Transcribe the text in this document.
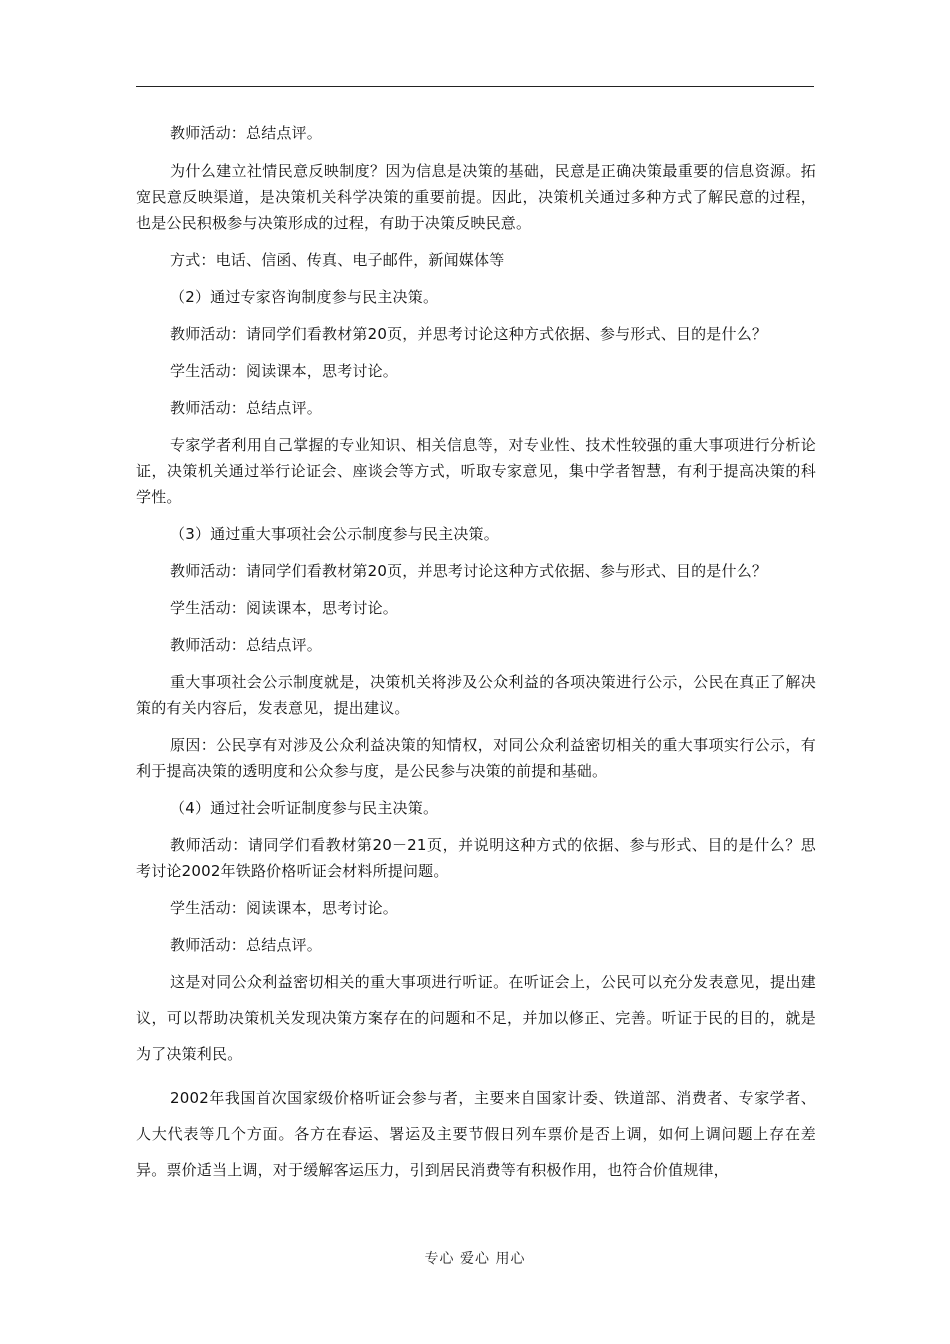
教师活动：总结点评。

为什么建立社情民意反映制度？因为信息是决策的基础，民意是正确决策最重要的信息资源。拓宽民意反映渠道，是决策机关科学决策的重要前提。因此，决策机关通过多种方式了解民意的过程，也是公民积极参与决策形成的过程，有助于决策反映民意。

方式：电话、信函、传真、电子邮件，新闻媒体等

（2）通过专家咨询制度参与民主决策。

教师活动：请同学们看教材第20页，并思考讨论这种方式依据、参与形式、目的是什么？

学生活动：阅读课本，思考讨论。

教师活动：总结点评。

专家学者利用自己掌握的专业知识、相关信息等，对专业性、技术性较强的重大事项进行分析论证，决策机关通过举行论证会、座谈会等方式，听取专家意见，集中学者智慧，有利于提高决策的科学性。

（3）通过重大事项社会公示制度参与民主决策。

教师活动：请同学们看教材第20页，并思考讨论这种方式依据、参与形式、目的是什么？

学生活动：阅读课本，思考讨论。

教师活动：总结点评。

重大事项社会公示制度就是，决策机关将涉及公众利益的各项决策进行公示，公民在真正了解决策的有关内容后，发表意见，提出建议。

原因：公民享有对涉及公众利益决策的知情权，对同公众利益密切相关的重大事项实行公示，有利于提高决策的透明度和公众参与度，是公民参与决策的前提和基础。

（4）通过社会听证制度参与民主决策。

教师活动：请同学们看教材第20－21页，并说明这种方式的依据、参与形式、目的是什么？思考讨论2002年铁路价格听证会材料所提问题。

学生活动：阅读课本，思考讨论。

教师活动：总结点评。

这是对同公众利益密切相关的重大事项进行听证。在听证会上，公民可以充分发表意见，提出建议，可以帮助决策机关发现决策方案存在的问题和不足，并加以修正、完善。听证于民的目的，就是为了决策利民。

2002年我国首次国家级价格听证会参与者，主要来自国家计委、铁道部、消费者、专家学者、人大代表等几个方面。各方在春运、署运及主要节假日列车票价是否上调，如何上调问题上存在差异。票价适当上调，对于缓解客运压力，引到居民消费等有积极作用，也符合价值规律，

专心 爱心 用心
